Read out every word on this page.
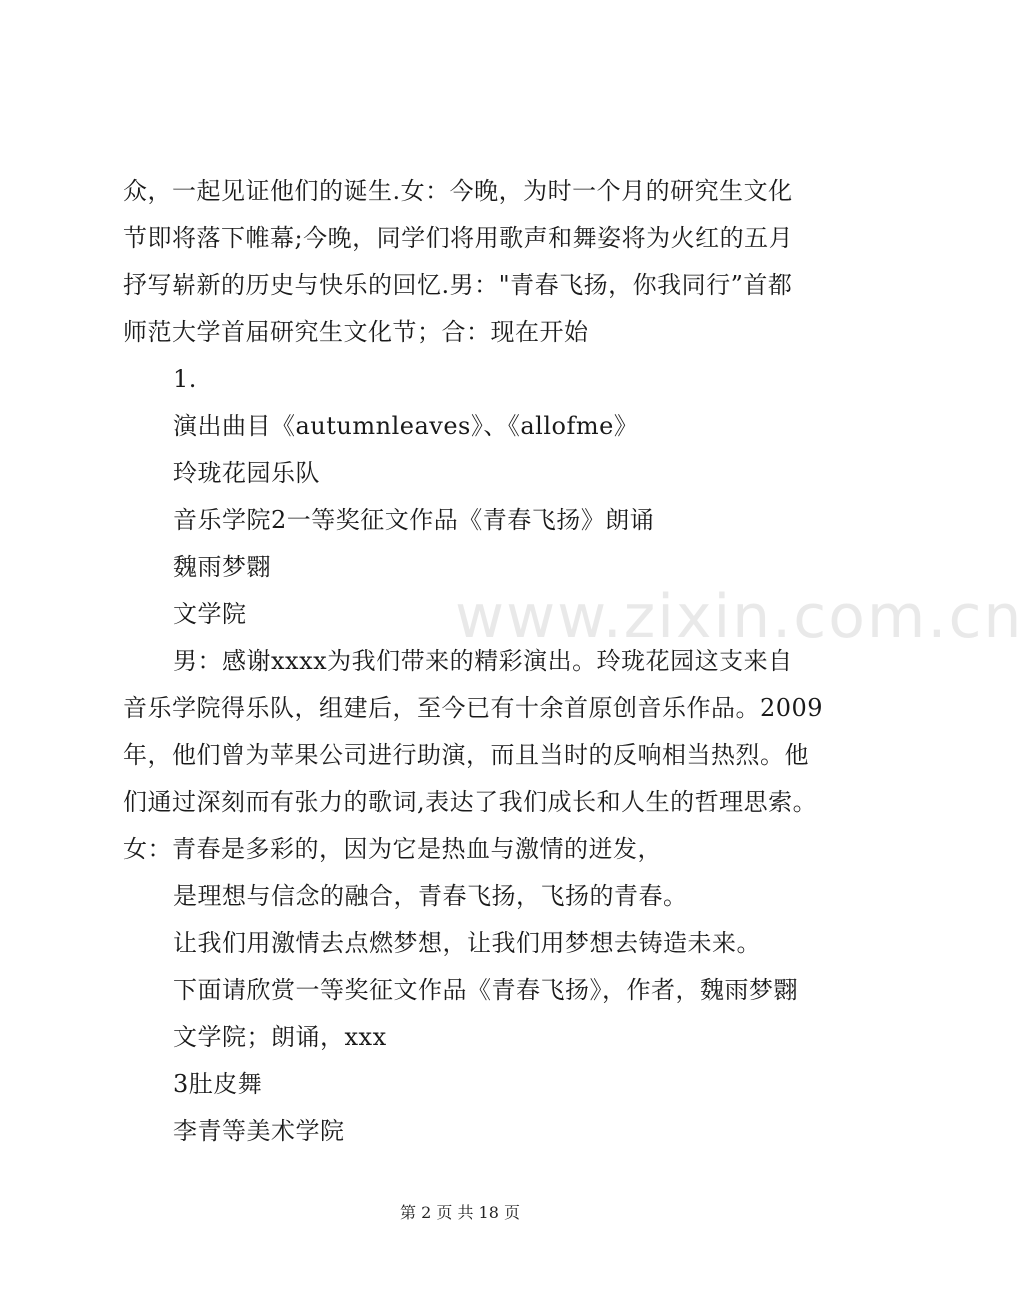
众，一起见证他们的诞生.女：今晚，为时一个月的研究生文化
节即将落下帷幕;今晚，同学们将用歌声和舞姿将为火红的五月
抒写崭新的历史与快乐的回忆.男："青春飞扬，你我同行”首都
师范大学首届研究生文化节；合：现在开始
1.
演出曲目《autumnleaves》、《allofme》
玲珑花园乐队
音乐学院2一等奖征文作品《青春飞扬》朗诵
魏雨梦翾
文学院
男：感谢xxxx为我们带来的精彩演出。玲珑花园这支来自
音乐学院得乐队，组建后，至今已有十余首原创音乐作品。2009
年，他们曾为苹果公司进行助演，而且当时的反响相当热烈。他
们通过深刻而有张力的歌词,表达了我们成长和人生的哲理思索。
女：青春是多彩的，因为它是热血与激情的迸发，
是理想与信念的融合，青春飞扬，飞扬的青春。
让我们用激情去点燃梦想，让我们用梦想去铸造未来。
下面请欣赏一等奖征文作品《青春飞扬》，作者，魏雨梦翾
文学院；朗诵，xxx
3肚皮舞
李青等美术学院
www.zixin.com.cn
第 2 页 共 18 页
